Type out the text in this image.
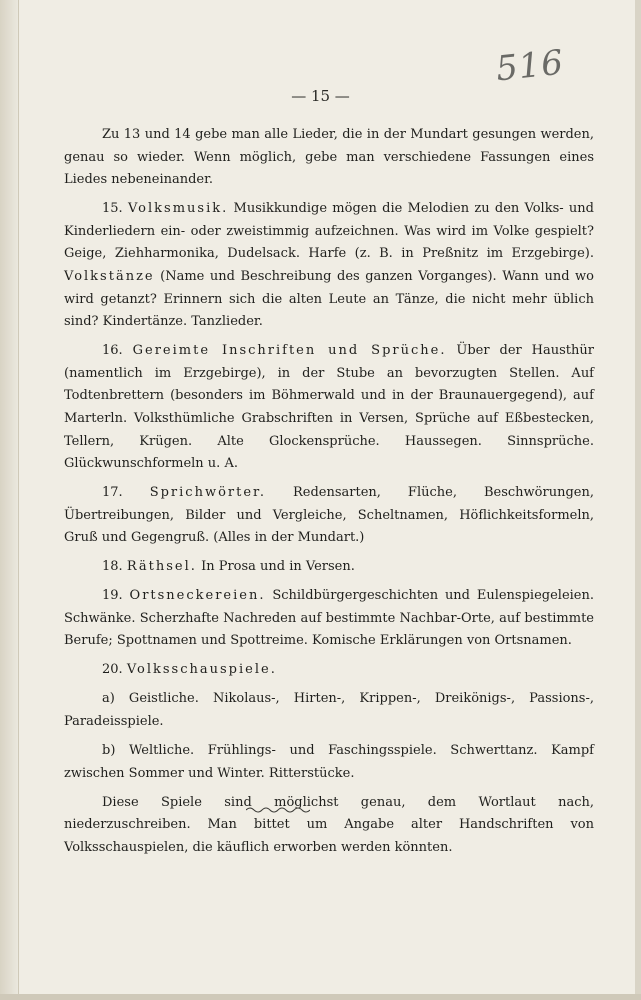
516
— 15 —

Zu 13 und 14 gebe man alle Lieder, die in der Mundart gesungen werden, genau so wieder. Wenn möglich, gebe man verschiedene Fassungen eines Liedes nebeneinander.

15. Volksmusik. Musikkundige mögen die Melodien zu den Volks- und Kinderliedern ein- oder zweistimmig aufzeichnen. Was wird im Volke gespielt? Geige, Ziehharmonika, Dudelsack. Harfe (z. B. in Preßnitz im Erzgebirge). Volkstänze (Name und Beschreibung des ganzen Vorganges). Wann und wo wird getanzt? Erinnern sich die alten Leute an Tänze, die nicht mehr üblich sind? Kindertänze. Tanzlieder.

16. Gereimte Inschriften und Sprüche. Über der Hausthür (namentlich im Erzgebirge), in der Stube an bevorzugten Stellen. Auf Todtenbrettern (besonders im Böhmerwald und in der Braunauergegend), auf Marterln. Volksthümliche Grabschriften in Versen, Sprüche auf Eßbestecken, Tellern, Krügen. Alte Glockensprüche. Haussegen. Sinnsprüche. Glückwunschformeln u. A.

17. Sprichwörter. Redensarten, Flüche, Beschwörungen, Übertreibungen, Bilder und Vergleiche, Scheltnamen, Höflichkeitsformeln, Gruß und Gegengruß. (Alles in der Mundart.)

18. Räthsel. In Prosa und in Versen.

19. Ortsneckereien. Schildbürgergeschichten und Eulenspiegeleien. Schwänke. Scherzhafte Nachreden auf bestimmte Nachbar-Orte, auf bestimmte Berufe; Spottnamen und Spottreime. Komische Erklärungen von Ortsnamen.

20. Volksschauspiele.

a) Geistliche. Nikolaus-, Hirten-, Krippen-, Dreikönigs-, Passions-, Paradeisspiele.

b) Weltliche. Frühlings- und Faschingsspiele. Schwerttanz. Kampf zwischen Sommer und Winter. Ritterstücke.

Diese Spiele sind möglichst genau, dem Wortlaut nach, niederzuschreiben. Man bittet um Angabe alter Handschriften von Volksschauspielen, die käuflich erworben werden könnten.
